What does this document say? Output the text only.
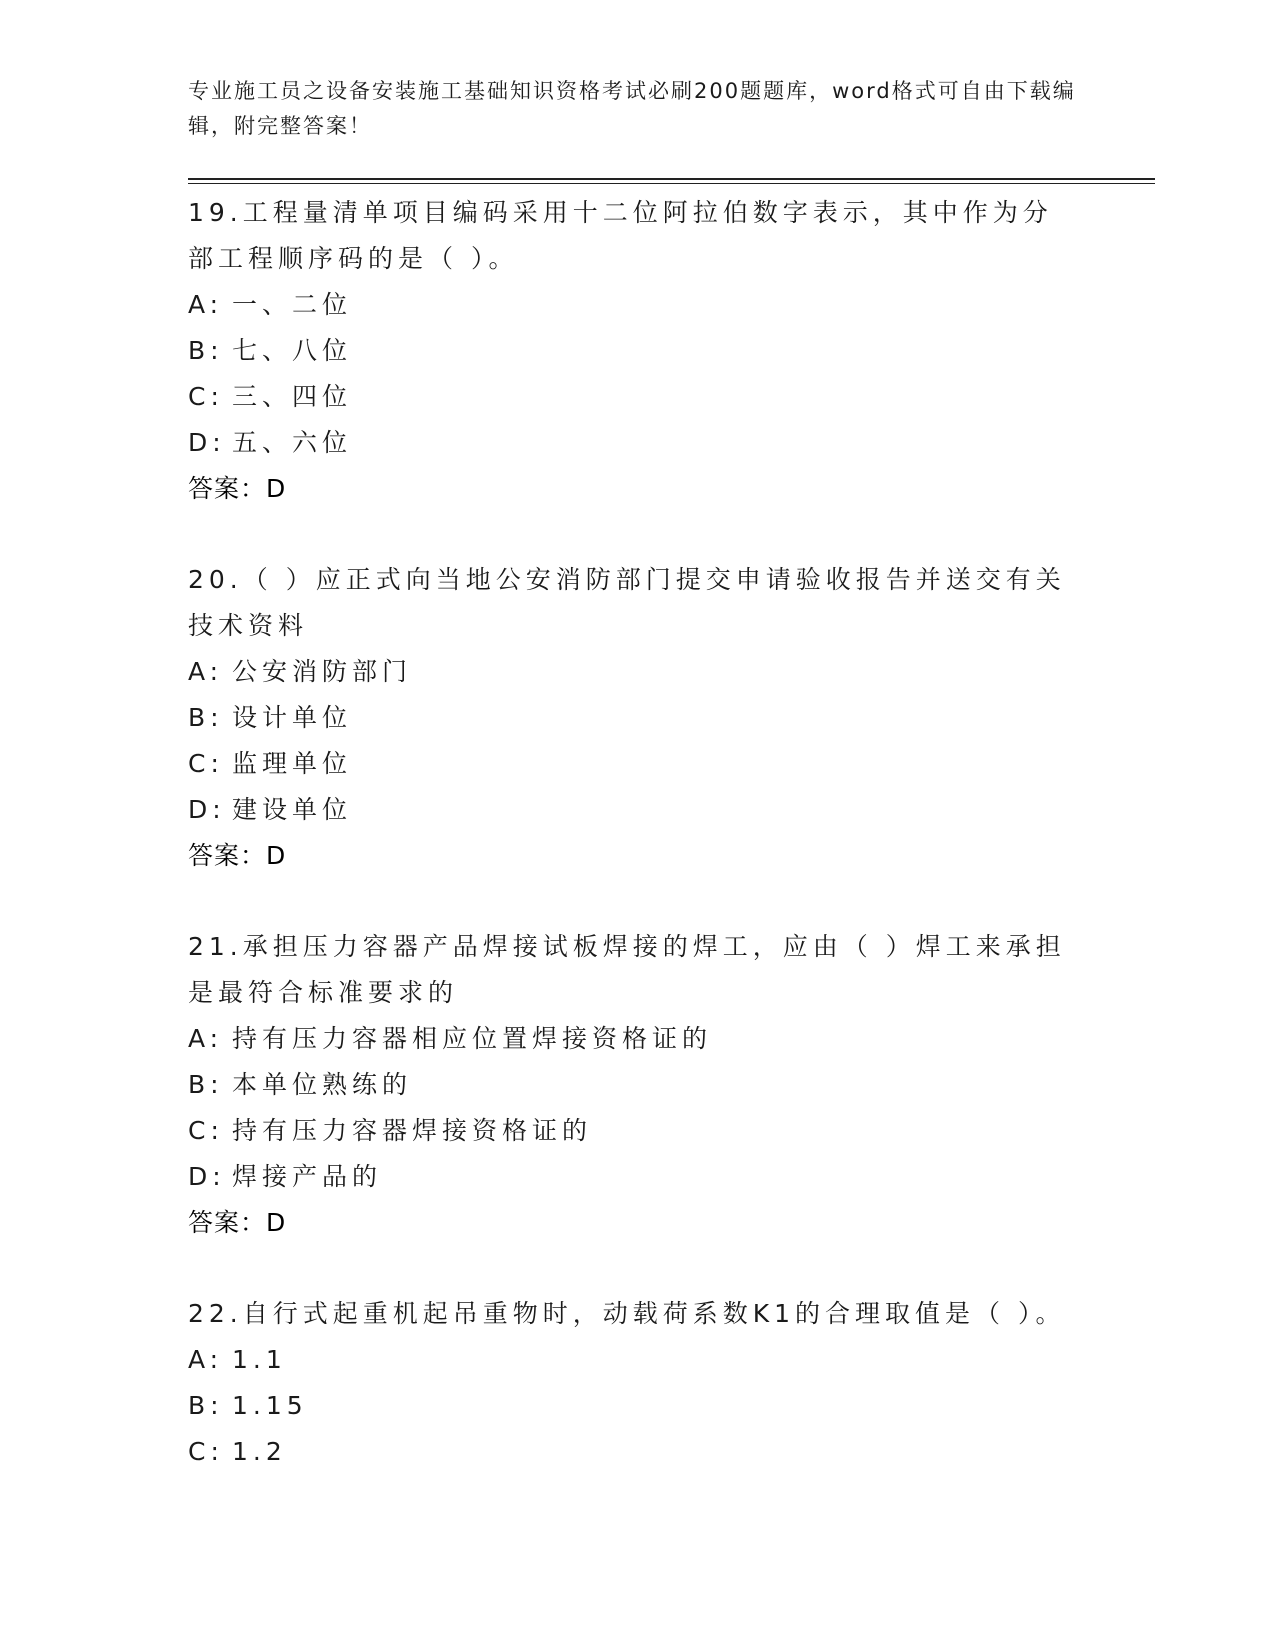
专业施工员之设备安装施工基础知识资格考试必刷200题题库，word格式可自由下载编辑，附完整答案！
19.工程量清单项目编码采用十二位阿拉伯数字表示，其中作为分部工程顺序码的是（ ）。
A: 一、二位
B: 七、八位
C: 三、四位
D: 五、六位
答案：D
20.（ ）应正式向当地公安消防部门提交申请验收报告并送交有关技术资料
A: 公安消防部门
B: 设计单位
C: 监理单位
D: 建设单位
答案：D
21.承担压力容器产品焊接试板焊接的焊工，应由（ ）焊工来承担是最符合标准要求的
A: 持有压力容器相应位置焊接资格证的
B: 本单位熟练的
C: 持有压力容器焊接资格证的
D: 焊接产品的
答案：D
22.自行式起重机起吊重物时，动载荷系数K1的合理取值是（ ）。
A: 1.1
B: 1.15
C: 1.2
